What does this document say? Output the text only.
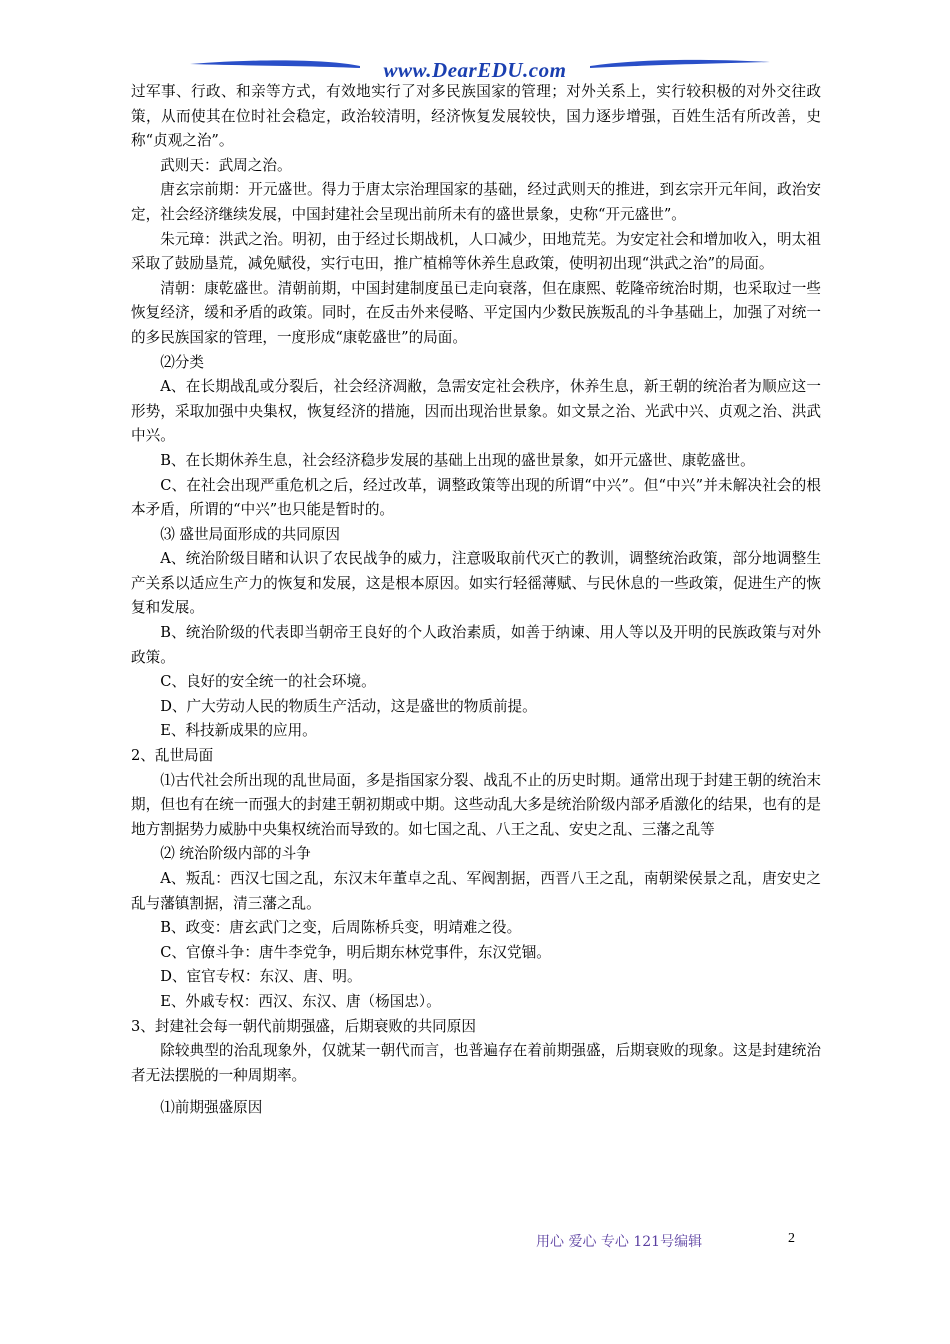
www.DearEDU.com

过军事、行政、和亲等方式，有效地实行了对多民族国家的管理；对外关系上，实行较积极的对外交往政策，从而使其在位时社会稳定，政治较清明，经济恢复发展较快，国力逐步增强，百姓生活有所改善，史称“贞观之治”。

武则天：武周之治。

唐玄宗前期：开元盛世。得力于唐太宗治理国家的基础，经过武则天的推进，到玄宗开元年间，政治安定，社会经济继续发展，中国封建社会呈现出前所未有的盛世景象，史称“开元盛世”。

朱元璋：洪武之治。明初，由于经过长期战机，人口减少，田地荒芜。为安定社会和增加收入，明太祖采取了鼓励垦荒，减免赋役，实行屯田，推广植棉等休养生息政策，使明初出现“洪武之治”的局面。

清朝：康乾盛世。清朝前期，中国封建制度虽已走向衰落，但在康熙、乾隆帝统治时期，也采取过一些恢复经济，缓和矛盾的政策。同时，在反击外来侵略、平定国内少数民族叛乱的斗争基础上，加强了对统一的多民族国家的管理，一度形成“康乾盛世”的局面。

⑵分类

A、在长期战乱或分裂后，社会经济凋敝，急需安定社会秩序，休养生息，新王朝的统治者为顺应这一形势，采取加强中央集权，恢复经济的措施，因而出现治世景象。如文景之治、光武中兴、贞观之治、洪武中兴。

B、在长期休养生息，社会经济稳步发展的基础上出现的盛世景象，如开元盛世、康乾盛世。

C、在社会出现严重危机之后，经过改革，调整政策等出现的所谓“中兴”。但“中兴”并未解决社会的根本矛盾，所谓的“中兴”也只能是暂时的。

⑶ 盛世局面形成的共同原因

A、统治阶级目睹和认识了农民战争的威力，注意吸取前代灭亡的教训，调整统治政策，部分地调整生产关系以适应生产力的恢复和发展，这是根本原因。如实行轻徭薄赋、与民休息的一些政策，促进生产的恢复和发展。

B、统治阶级的代表即当朝帝王良好的个人政治素质，如善于纳谏、用人等以及开明的民族政策与对外政策。

C、良好的安全统一的社会环境。

D、广大劳动人民的物质生产活动，这是盛世的物质前提。

E、科技新成果的应用。

2、乱世局面

⑴古代社会所出现的乱世局面，多是指国家分裂、战乱不止的历史时期。通常出现于封建王朝的统治末期，但也有在统一而强大的封建王朝初期或中期。这些动乱大多是统治阶级内部矛盾激化的结果，也有的是地方割据势力威胁中央集权统治而导致的。如七国之乱、八王之乱、安史之乱、三藩之乱等

⑵ 统治阶级内部的斗争

A、叛乱：西汉七国之乱，东汉末年董卓之乱、军阀割据，西晋八王之乱，南朝梁侯景之乱，唐安史之乱与藩镇割据，清三藩之乱。

B、政变：唐玄武门之变，后周陈桥兵变，明靖难之役。

C、官僚斗争：唐牛李党争，明后期东林党事件，东汉党锢。

D、宦官专权：东汉、唐、明。

E、外戚专权：西汉、东汉、唐（杨国忠）。

3、封建社会每一朝代前期强盛，后期衰败的共同原因

除较典型的治乱现象外，仅就某一朝代而言，也普遍存在着前期强盛，后期衰败的现象。这是封建统治者无法摆脱的一种周期率。

⑴前期强盛原因

用心 爱心 专心 121号编辑	2
